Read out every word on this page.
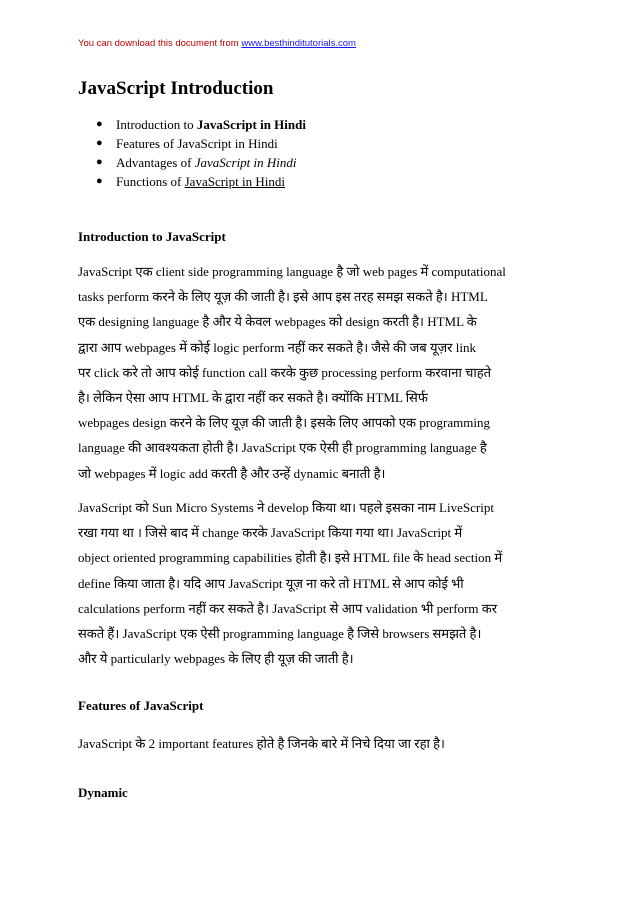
You can download this document from www.besthinditutorials.com
JavaScript Introduction
● Introduction to JavaScript in Hindi
● Features of JavaScript in Hindi
● Advantages of JavaScript in Hindi
● Functions of JavaScript in Hindi
Introduction to JavaScript
JavaScript एक client side programming language है जो web pages में computational
tasks perform करने के लिए यूज़ की जाती है। इसे आप इस तरह समझ सकते है। HTML
एक designing language है और ये केवल webpages को design करती है। HTML के
द्वारा आप webpages में कोई logic perform नहीं कर सकते है। जैसे की जब यूज़र link
पर click करे तो आप कोई function call करके कुछ processing perform करवाना चाहते
है। लेकिन ऐसा आप HTML के द्वारा नहीं कर सकते है। क्योंकि HTML सिर्फ
webpages design करने के लिए यूज़ की जाती है। इसके लिए आपको एक programming
language की आवश्यकता होती है। JavaScript एक ऐसी ही programming language है
जो webpages में logic add करती है और उन्हें dynamic बनाती है।
JavaScript को Sun Micro Systems ने develop किया था। पहले इसका नाम LiveScript
रखा गया था । जिसे बाद में change करके JavaScript किया गया था। JavaScript में
object oriented programming capabilities होती है। इसे HTML file के head section में
define किया जाता है। यदि आप JavaScript यूज़ ना करे तो HTML से आप कोई भी
calculations perform नहीं कर सकते है। JavaScript से आप validation भी perform कर
सकते हैं। JavaScript एक ऐसी programming language है जिसे browsers समझते है।
और ये particularly webpages के लिए ही यूज़ की जाती है।
Features of JavaScript
JavaScript के 2 important features होते है जिनके बारे में निचे दिया जा रहा है।
Dynamic
